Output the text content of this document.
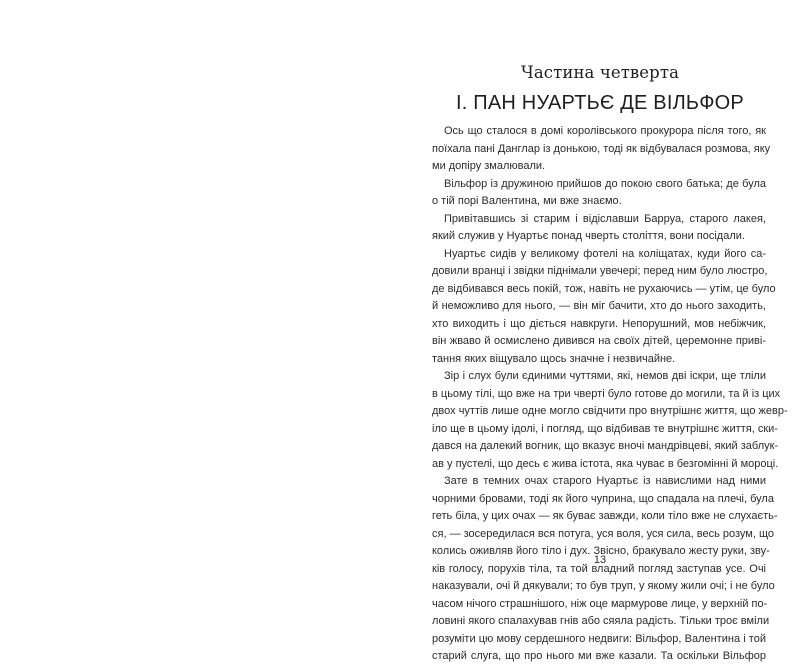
Частина четверта
І. ПАН НУАРТЬЄ ДЕ ВІЛЬФОР
Ось що сталося в домі королівського прокурора після того, як
поїхала пані Данглар із донькою, тоді як відбувалася розмова, яку
ми допіру змалювали.
Вільфор із дружиною прийшов до покою свого батька; де була
о тій порі Валентина, ми вже знаємо.
Привітавшись зі старим і відіславши Барруа, старого лакея,
який служив у Нуартьє понад чверть століття, вони посідали.
Нуартьє сидів у великому фотелі на коліщатах, куди його са-
довили вранці і звідки піднімали увечері; перед ним було люстро,
де відбивався весь покій, тож, навіть не рухаючись — утім, це було
й неможливо для нього, — він міг бачити, хто до нього заходить,
хто виходить і що діється навкруги. Непорушний, мов небіжчик,
він жваво й осмислено дивився на своїх дітей, церемонне приві-
тання яких віщувало щось значне і незвичайне.
Зір і слух були єдиними чуттями, які, немов дві іскри, ще тліли
в цьому тілі, що вже на три чверті було готове до могили, та й із цих
двох чуттів лише одне могло свідчити про внутрішнє життя, що жевр-
іло ще в цьому ідолі, і погляд, що відбивав те внутрішнє життя, ски-
дався на далекий вогник, що вказує вночі мандрівцеві, який заблук-
ав у пустелі, що десь є жива істота, яка чуває в безгомінні й мороці.
Зате в темних очах старого Нуартьє із навислими над ними
чорними бровами, тоді як його чуприна, що спадала на плечі, була
геть біла, у цих очах — як буває завжди, коли тіло вже не слухаєть-
ся, — зосередилася вся потуга, уся воля, уся сила, весь розум, що
колись оживляв його тіло і дух. Звісно, бракувало жесту руки, зву-
ків голосу, порухів тіла, та той владний погляд заступав усе. Очі
наказували, очі й дякували; то був труп, у якому жили очі; і не було
часом нічого страшнішого, ніж оце мармурове лице, у верхній по-
ловині якого спалахував гнів або сяяла радість. Тільки троє вміли
розуміти цю мову сердешного недвиги: Вільфор, Валентина і той
старий слуга, що про нього ми вже казали. Та оскільки Вільфор
13
